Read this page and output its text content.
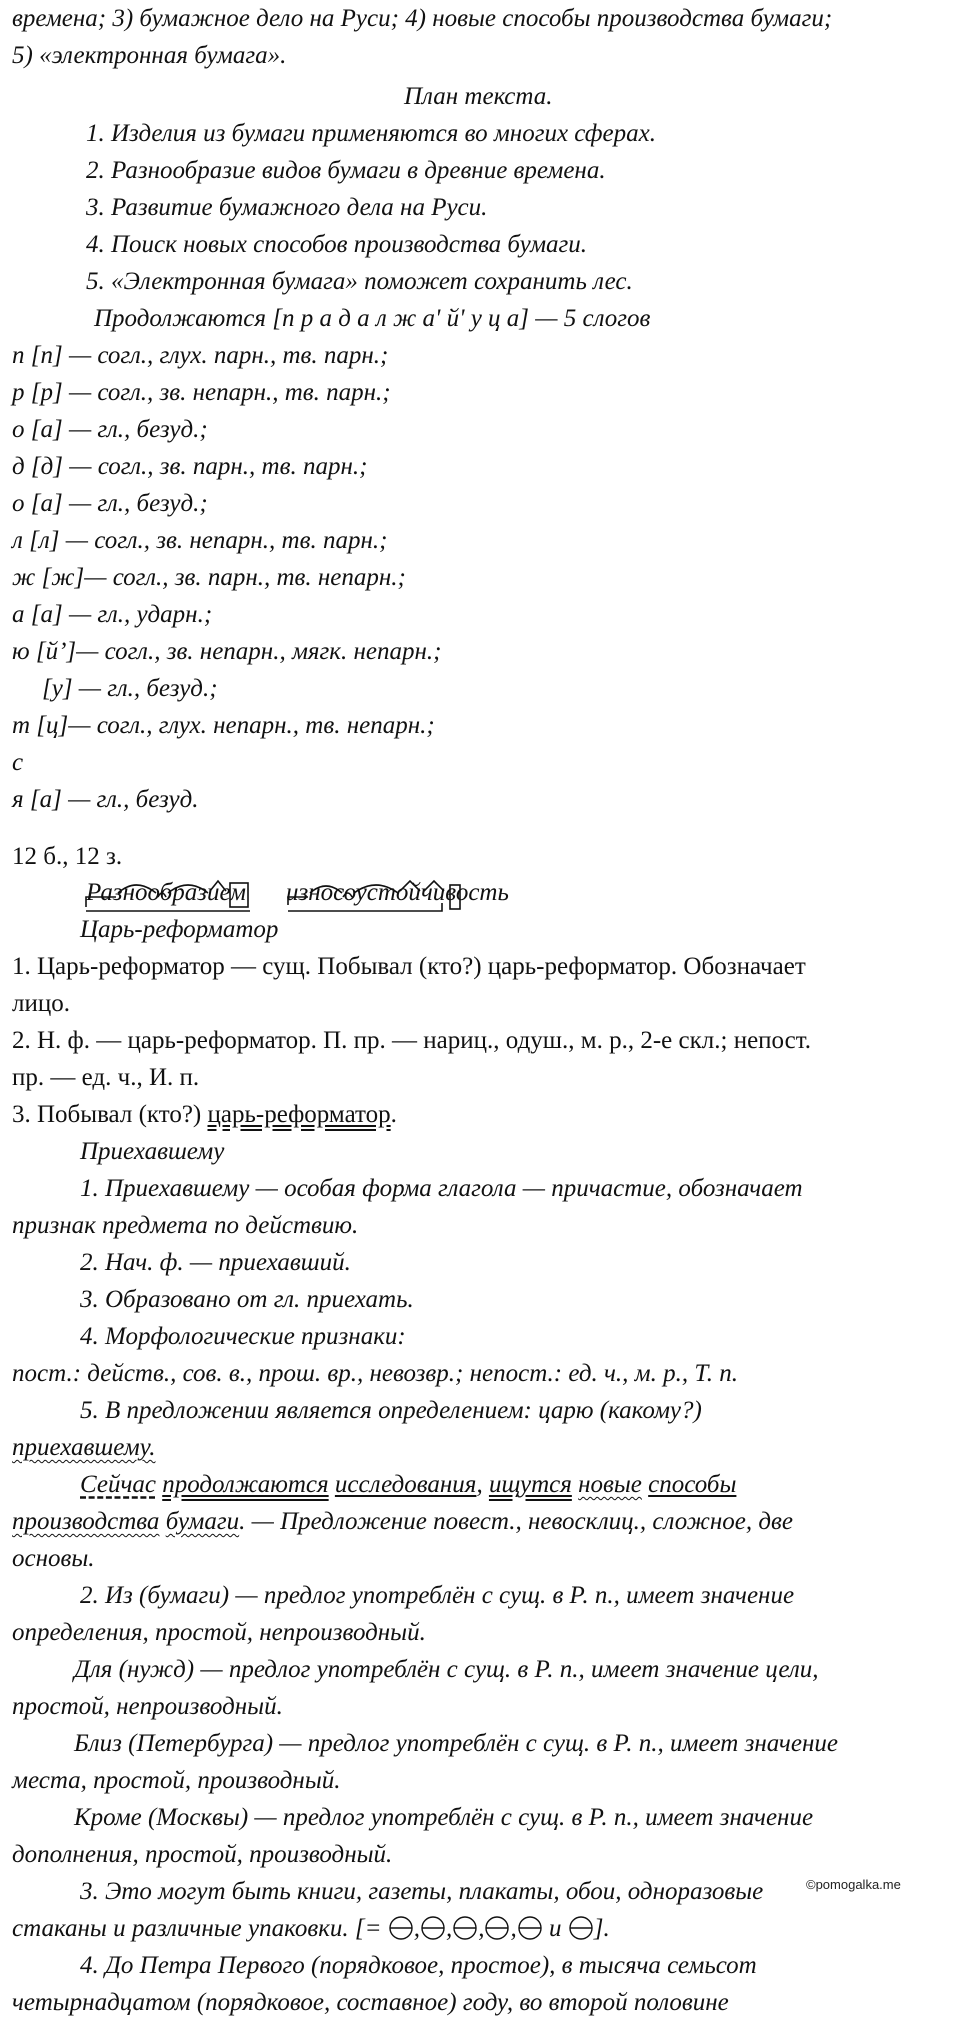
времена; 3) бумажное дело на Руси; 4) новые способы производства бумаги;
5) «электронная бумага».
План текста.
1. Изделия из бумаги применяются во многих сферах.
2. Разнообразие видов бумаги в древние времена.
3. Развитие бумажного дела на Руси.
4. Поиск новых способов производства бумаги.
5. «Электронная бумага» поможет сохранить лес.
Продолжаются [п р а д а л ж а' й' у ц а] — 5 слогов
п [п] — согл., глух. парн., тв. парн.;
р [р] — согл., зв. непарн., тв. парн.;
о [а] — гл., безуд.;
д [д] — согл., зв. парн., тв. парн.;
о [а] — гл., безуд.;
л [л] — согл., зв. непарн., тв. парн.;
ж [ж]— согл., зв. парн., тв. непарн.;
а [а] — гл., ударн.;
ю [й’]— согл., зв. непарн., мягк. непарн.;
[у] — гл., безуд.;
т [ц]— согл., глух. непарн., тв. непарн.;
с
я [а] — гл., безуд.
12 б., 12 з.
Разнообразием износоустойчивость
Царь-реформатор
1. Царь-реформатор — сущ. Побывал (кто?) царь-реформатор. Обозначает
лицо.
2. Н. ф. — царь-реформатор. П. пр. — нариц., одуш., м. р., 2-е скл.; непост.
пр. — ед. ч., И. п.
3. Побывал (кто?) царь-реформатор.
Приехавшему
1. Приехавшему — особая форма глагола — причастие, обозначает
признак предмета по действию.
2. Нач. ф. — приехавший.
3. Образовано от гл. приехать.
4. Морфологические признаки:
пост.: действ., сов. в., прош. вр., невозвр.; непост.: ед. ч., м. р., Т. п.
5. В предложении является определением: царю (какому?)
приехавшему.
Сейчас продолжаются исследования, ищутся новые способы
производства бумаги. — Предложение повест., невосклиц., сложное, две
основы.
2. Из (бумаги) — предлог употреблён с сущ. в Р. п., имеет значение
определения, простой, непроизводный.
Для (нужд) — предлог употреблён с сущ. в Р. п., имеет значение цели,
простой, непроизводный.
Близ (Петербурга) — предлог употреблён с сущ. в Р. п., имеет значение
места, простой, производный.
Кроме (Москвы) — предлог употреблён с сущ. в Р. п., имеет значение
дополнения, простой, производный.
©pomogalka.me
3. Это могут быть книги, газеты, плакаты, обои, одноразовые
стаканы и различные упаковки. [= , , , , и ].
4. До Петра Первого (порядковое, простое), в тысяча семьсот
четырнадцатом (порядковое, составное) году, во второй половине
